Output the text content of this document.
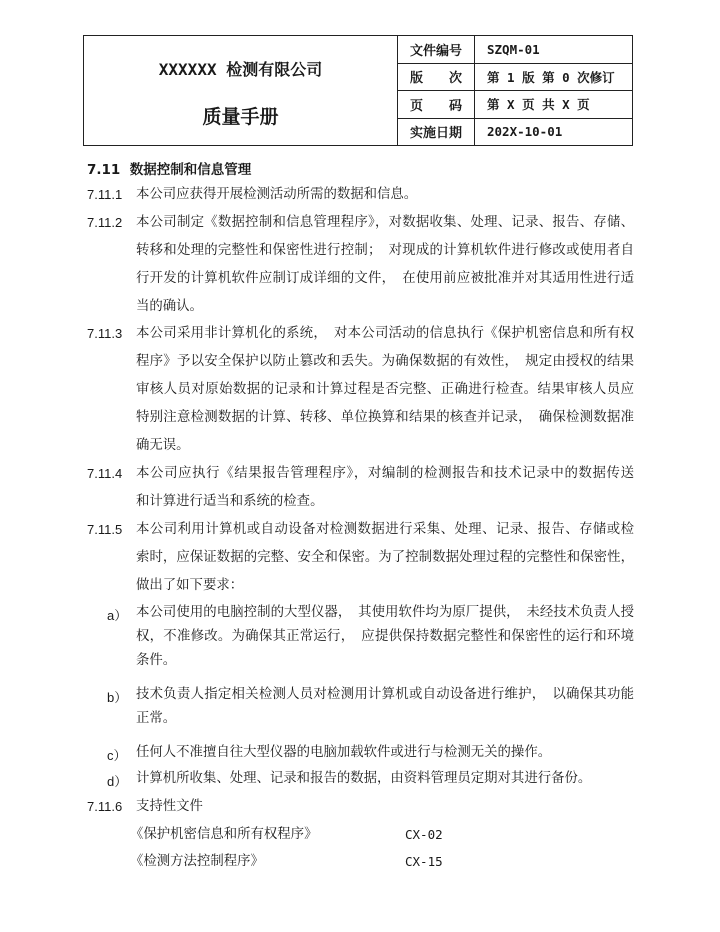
XXXXXX 检测有限公司
质量手册	文件编号	SZQM-01
	版　　次	第 1 版 第 0 次修订
	页　　码	第 X 页 共 X 页
	实施日期	202X-10-01
7.11 数据控制和信息管理
7.11.1 本公司应获得开展检测活动所需的数据和信息。
7.11.2 本公司制定《数据控制和信息管理程序》，对数据收集、处理、记录、报告、存储、
转移和处理的完整性和保密性进行控制；　对现成的计算机软件进行修改或使用者自
行开发的计算机软件应制订成详细的文件，　在使用前应被批准并对其适用性进行适
当的确认。
7.11.3 本公司采用非计算机化的系统，　对本公司活动的信息执行《保护机密信息和所有权
程序》予以安全保护以防止篡改和丢失。为确保数据的有效性，　规定由授权的结果
审核人员对原始数据的记录和计算过程是否完整、正确进行检查。结果审核人员应
特别注意检测数据的计算、转移、单位换算和结果的核查并记录，　确保检测数据准
确无误。
7.11.4 本公司应执行《结果报告管理程序》，对编制的检测报告和技术记录中的数据传送
和计算进行适当和系统的检查。
7.11.5 本公司利用计算机或自动设备对检测数据进行采集、处理、记录、报告、存储或检
索时，应保证数据的完整、安全和保密。为了控制数据处理过程的完整性和保密性，
做出了如下要求：
a） 本公司使用的电脑控制的大型仪器，　其使用软件均为原厂提供，　未经技术负责人授
权，不准修改。为确保其正常运行，　应提供保持数据完整性和保密性的运行和环境
条件。
b） 技术负责人指定相关检测人员对检测用计算机或自动设备进行维护，　以确保其功能
正常。
c） 任何人不准擅自往大型仪器的电脑加载软件或进行与检测无关的操作。
d） 计算机所收集、处理、记录和报告的数据，由资料管理员定期对其进行备份。
7.11.6 支持性文件
《保护机密信息和所有权程序》	CX-02
《检测方法控制程序》	CX-15
